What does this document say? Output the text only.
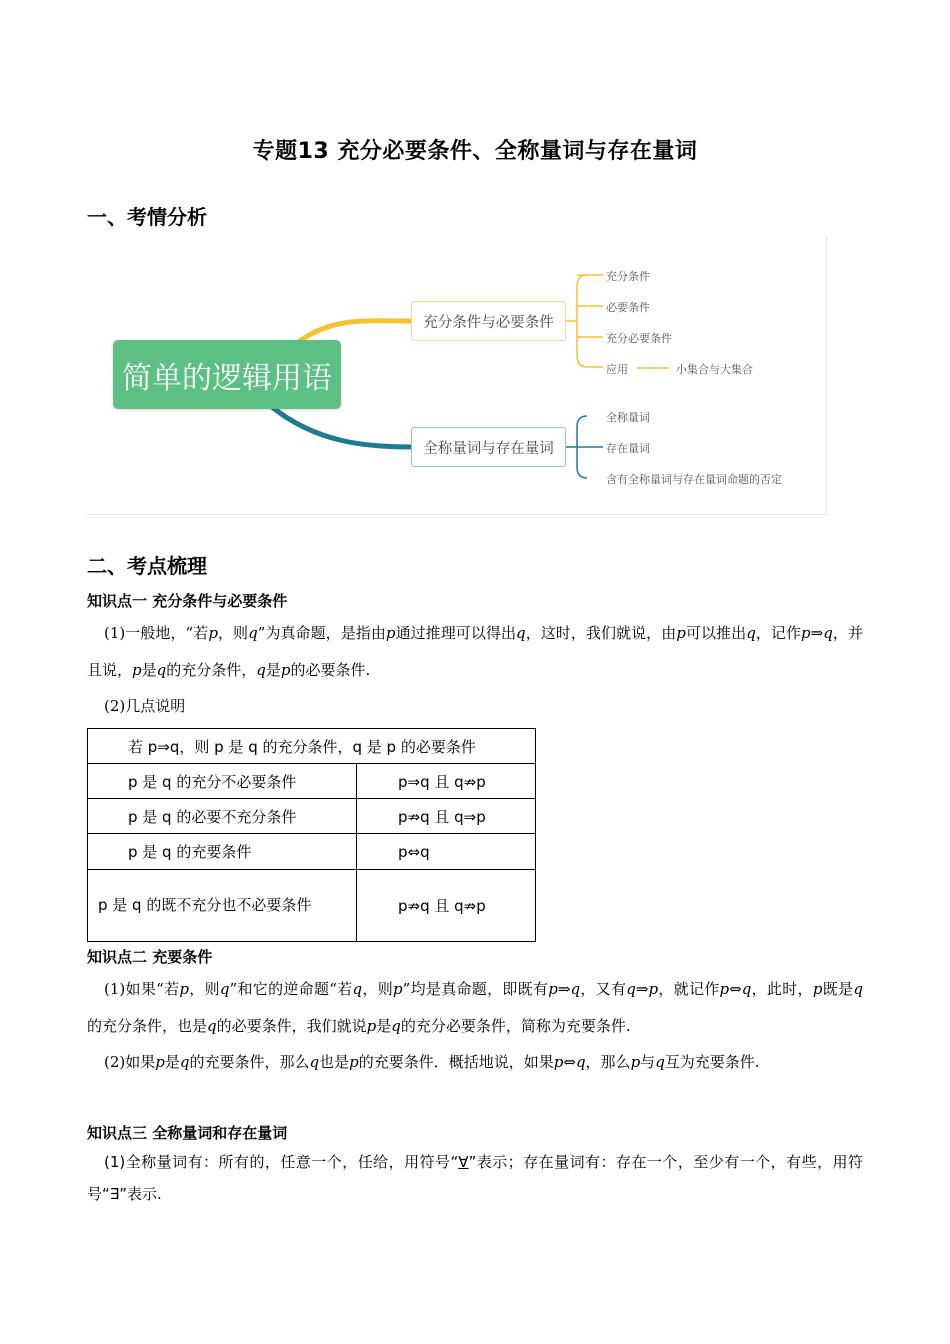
专题13 充分必要条件、全称量词与存在量词
一、考情分析
简单的逻辑用语
充分条件与必要条件
全称量词与存在量词
充分条件
必要条件
充分必要条件
应用	小集合与大集合
全称量词
存在量词
含有全称量词与存在量词命题的否定
二、考点梳理
知识点一 充分条件与必要条件
(1)一般地，“若p，则q”为真命题，是指由p通过推理可以得出q，这时，我们就说，由p可以推出q，记作p⇒q，并且说，p是q的充分条件，q是p的必要条件.
(2)几点说明
若 p⇒q，则 p 是 q 的充分条件，q 是 p 的必要条件	
p 是 q 的充分不必要条件	p⇒q 且 q⇏p
p 是 q 的必要不充分条件	p⇏q 且 q⇒p
p 是 q 的充要条件	p⇔q
p 是 q 的既不充分也不必要条件	p⇏q 且 q⇏p
知识点二 充要条件
(1)如果“若p，则q”和它的逆命题“若q，则p”均是真命题，即既有p⇒q，又有q⇒p，就记作p⇔q，此时，p既是q的充分条件，也是q的必要条件，我们就说p是q的充分必要条件，简称为充要条件.
(2)如果p是q的充要条件，那么q也是p的充要条件．概括地说，如果p⇔q，那么p与q互为充要条件.
知识点三 全称量词和存在量词
(1)全称量词有：所有的，任意一个，任给，用符号“∀”表示；存在量词有：存在一个，至少有一个，有些，用符号“∃”表示.
